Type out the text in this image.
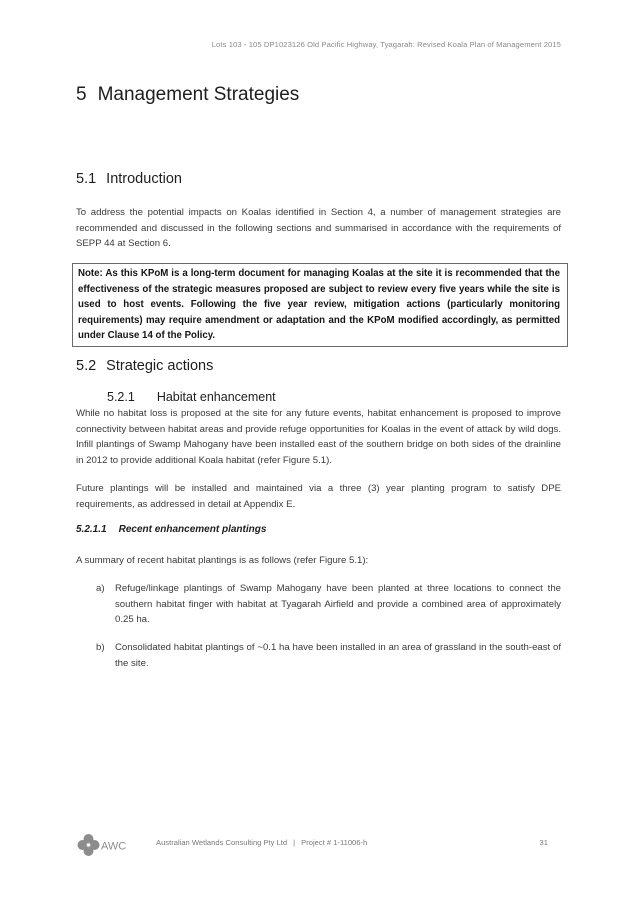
Lots 103 - 105 DP1023126 Old Pacific Highway, Tyagarah: Revised Koala Plan of Management 2015
5 Management Strategies
5.1 Introduction

To address the potential impacts on Koalas identified in Section 4, a number of management strategies are recommended and discussed in the following sections and summarised in accordance with the requirements of SEPP 44 at Section 6.

Note: As this KPoM is a long-term document for managing Koalas at the site it is recommended that the effectiveness of the strategic measures proposed are subject to review every five years while the site is used to host events. Following the five year review, mitigation actions (particularly monitoring requirements) may require amendment or adaptation and the KPoM modified accordingly, as permitted under Clause 14 of the Policy.
5.2 Strategic actions
5.2.1 Habitat enhancement

While no habitat loss is proposed at the site for any future events, habitat enhancement is proposed to improve connectivity between habitat areas and provide refuge opportunities for Koalas in the event of attack by wild dogs. Infill plantings of Swamp Mahogany have been installed east of the southern bridge on both sides of the drainline in 2012 to provide additional Koala habitat (refer Figure 5.1).

Future plantings will be installed and maintained via a three (3) year planting program to satisfy DPE requirements, as addressed in detail at Appendix E.

5.2.1.1 Recent enhancement plantings

A summary of recent habitat plantings is as follows (refer Figure 5.1):

a) Refuge/linkage plantings of Swamp Mahogany have been planted at three locations to connect the southern habitat finger with habitat at Tyagarah Airfield and provide a combined area of approximately 0.25 ha.
b) Consolidated habitat plantings of ~0.1 ha have been installed in an area of grassland in the south-east of the site.
AWC	Australian Wetlands Consulting Pty Ltd | Project # 1-11006-h	31
